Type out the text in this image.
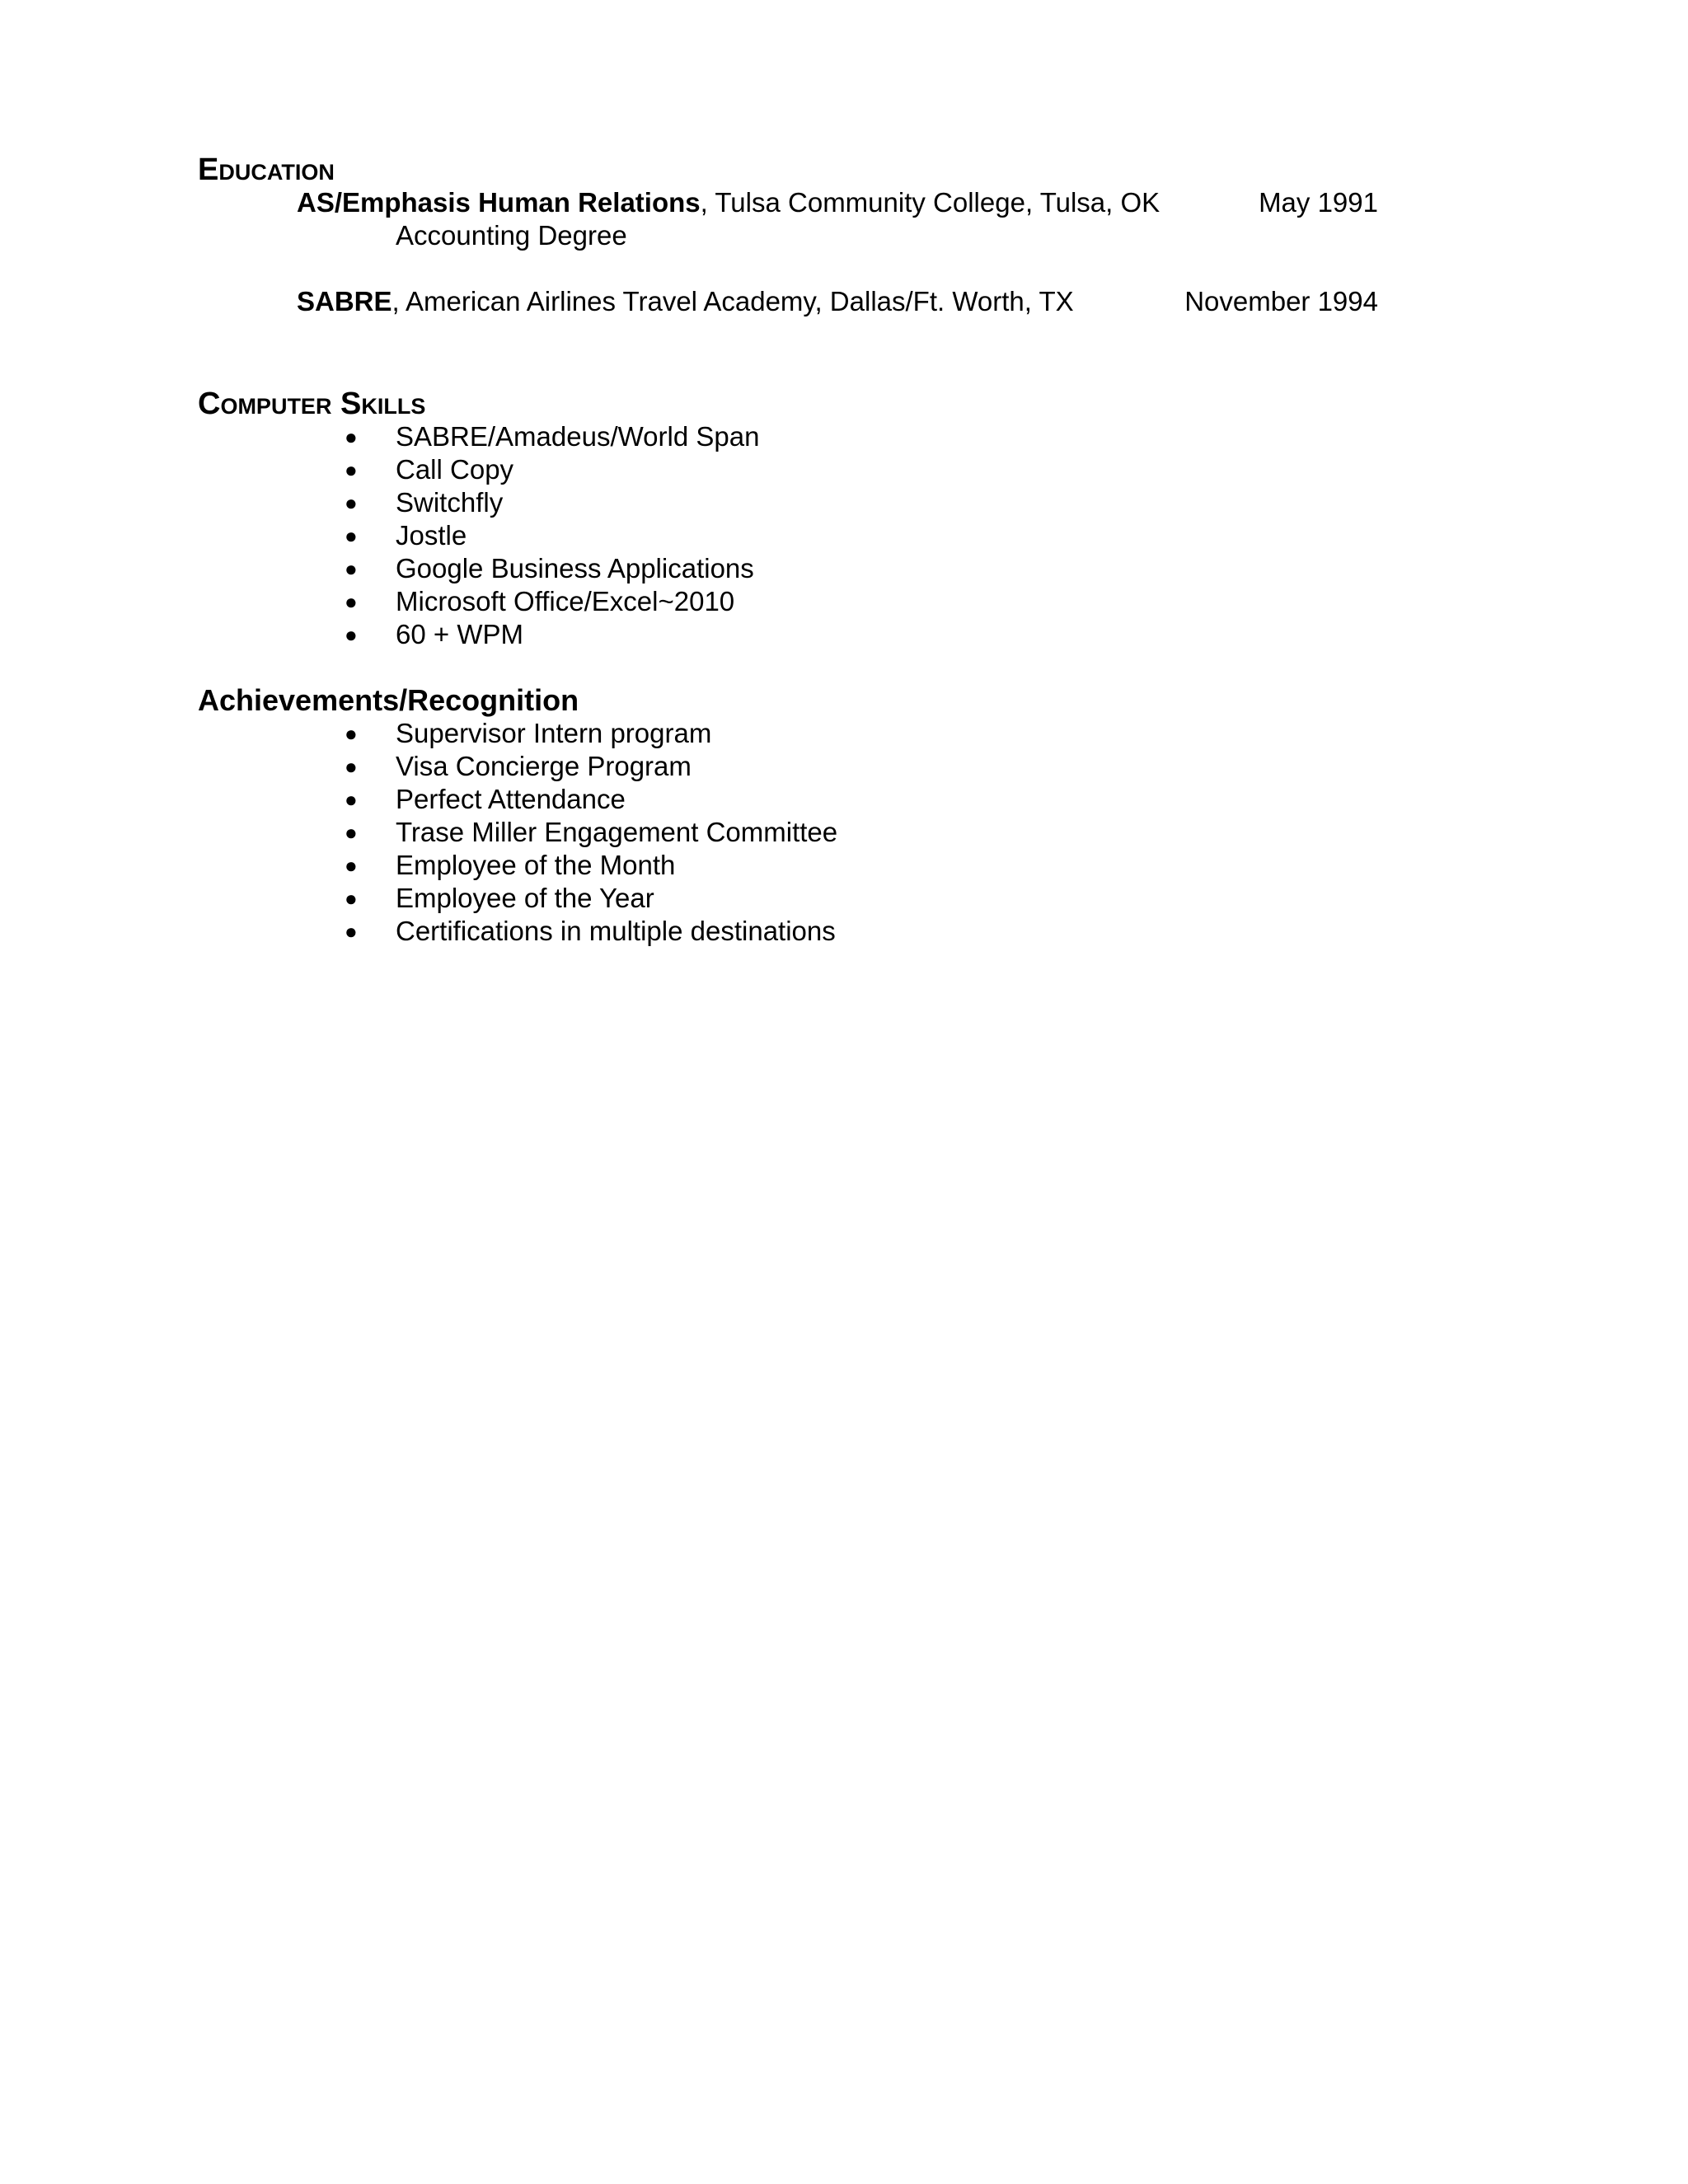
Education
AS/Emphasis Human Relations, Tulsa Community College, Tulsa, OK	May 1991
Accounting Degree
SABRE, American Airlines Travel Academy, Dallas/Ft. Worth, TX	November 1994
Computer Skills
● SABRE/Amadeus/World Span
● Call Copy
● Switchfly
● Jostle
● Google Business Applications
● Microsoft Office/Excel~2010
● 60 + WPM
Achievements/Recognition
● Supervisor Intern program
● Visa Concierge Program
● Perfect Attendance
● Trase Miller Engagement Committee
● Employee of the Month
● Employee of the Year
● Certifications in multiple destinations
